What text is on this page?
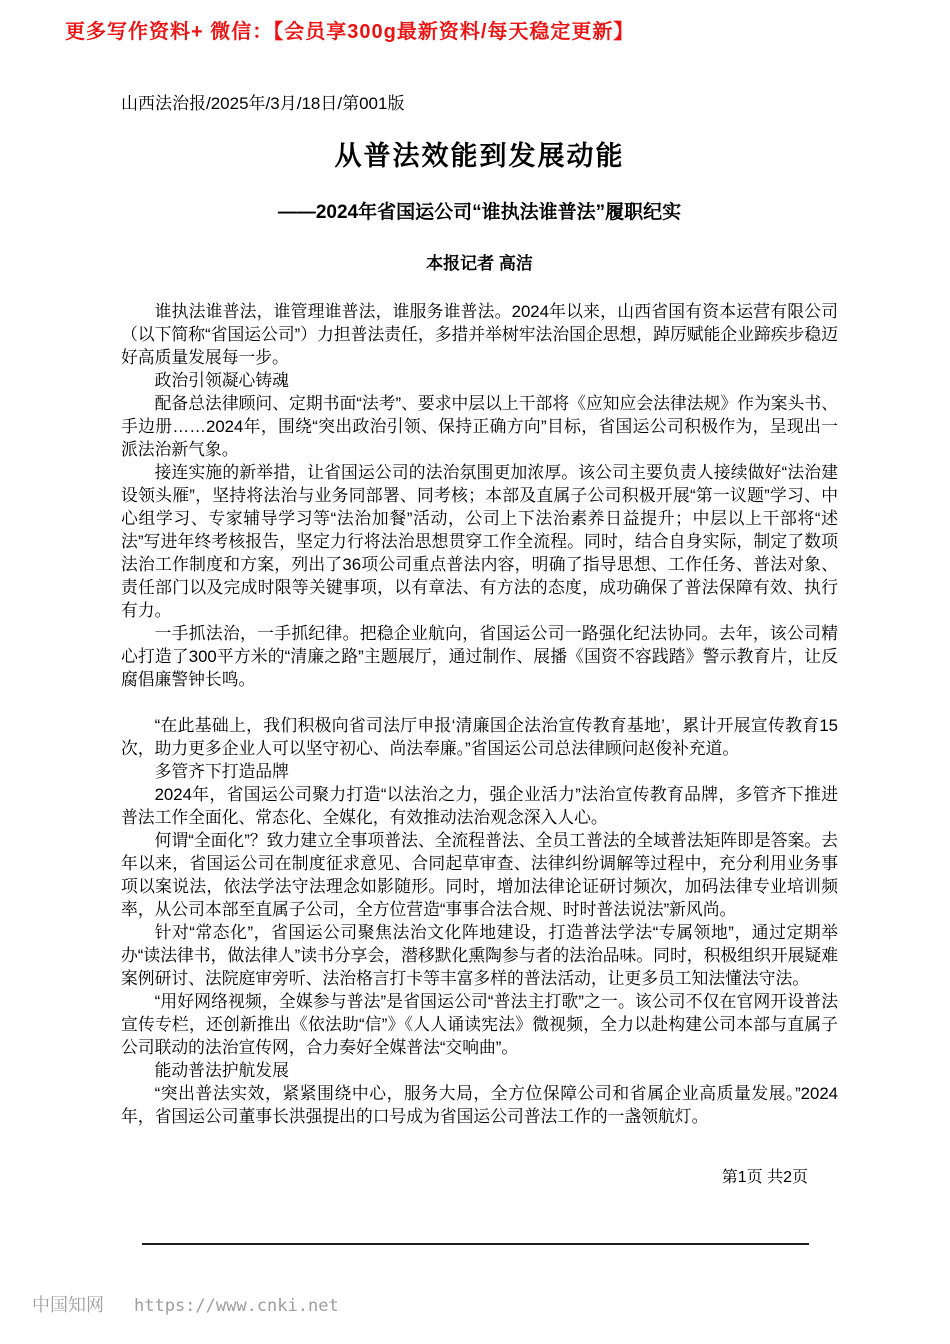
更多写作资料+ 微信：【会员享300g最新资料/每天稳定更新】
山西法治报/2025年/3月/18日/第001版
从普法效能到发展动能
——2024年省国运公司“谁执法谁普法”履职纪实
本报记者 高洁

谁执法谁普法，谁管理谁普法，谁服务谁普法。2024年以来，山西省国有资本运营有限公司（以下简称“省国运公司”）力担普法责任，多措并举树牢法治国企思想，踔厉赋能企业蹄疾步稳迈好高质量发展每一步。

政治引领凝心铸魂

配备总法律顾问、定期书面“法考”、要求中层以上干部将《应知应会法律法规》作为案头书、手边册……2024年，围绕“突出政治引领、保持正确方向”目标，省国运公司积极作为，呈现出一派法治新气象。

接连实施的新举措，让省国运公司的法治氛围更加浓厚。该公司主要负责人接续做好“法治建设领头雁”，坚持将法治与业务同部署、同考核；本部及直属子公司积极开展“第一议题”学习、中心组学习、专家辅导学习等“法治加餐”活动，公司上下法治素养日益提升；中层以上干部将“述法”写进年终考核报告，坚定力行将法治思想贯穿工作全流程。同时，结合自身实际，制定了数项法治工作制度和方案，列出了36项公司重点普法内容，明确了指导思想、工作任务、普法对象、责任部门以及完成时限等关键事项，以有章法、有方法的态度，成功确保了普法保障有效、执行有力。

一手抓法治，一手抓纪律。把稳企业航向，省国运公司一路强化纪法协同。去年，该公司精心打造了300平方米的“清廉之路”主题展厅，通过制作、展播《国资不容践踏》警示教育片，让反腐倡廉警钟长鸣。

“在此基础上，我们积极向省司法厅申报‘清廉国企法治宣传教育基地’，累计开展宣传教育15次，助力更多企业人可以坚守初心、尚法奉廉。”省国运公司总法律顾问赵俊补充道。

多管齐下打造品牌

2024年，省国运公司聚力打造“以法治之力，强企业活力”法治宣传教育品牌，多管齐下推进普法工作全面化、常态化、全媒化，有效推动法治观念深入人心。

何谓“全面化”？致力建立全事项普法、全流程普法、全员工普法的全域普法矩阵即是答案。去年以来，省国运公司在制度征求意见、合同起草审查、法律纠纷调解等过程中，充分利用业务事项以案说法，依法学法守法理念如影随形。同时，增加法律论证研讨频次，加码法律专业培训频率，从公司本部至直属子公司，全方位营造“事事合法合规、时时普法说法”新风尚。

针对“常态化”，省国运公司聚焦法治文化阵地建设，打造普法学法“专属领地”，通过定期举办“读法律书，做法律人”读书分享会，潜移默化熏陶参与者的法治品味。同时，积极组织开展疑难案例研讨、法院庭审旁听、法治格言打卡等丰富多样的普法活动，让更多员工知法懂法守法。

“用好网络视频，全媒参与普法”是省国运公司“普法主打歌”之一。该公司不仅在官网开设普法宣传专栏，还创新推出《依法助“信”》《人人诵读宪法》微视频，全力以赴构建公司本部与直属子公司联动的法治宣传网，合力奏好全媒普法“交响曲”。

能动普法护航发展

“突出普法实效，紧紧围绕中心，服务大局，全方位保障公司和省属企业高质量发展。”2024年，省国运公司董事长洪强提出的口号成为省国运公司普法工作的一盏领航灯。

第1页 共2页
中国知网 https://www.cnki.net
